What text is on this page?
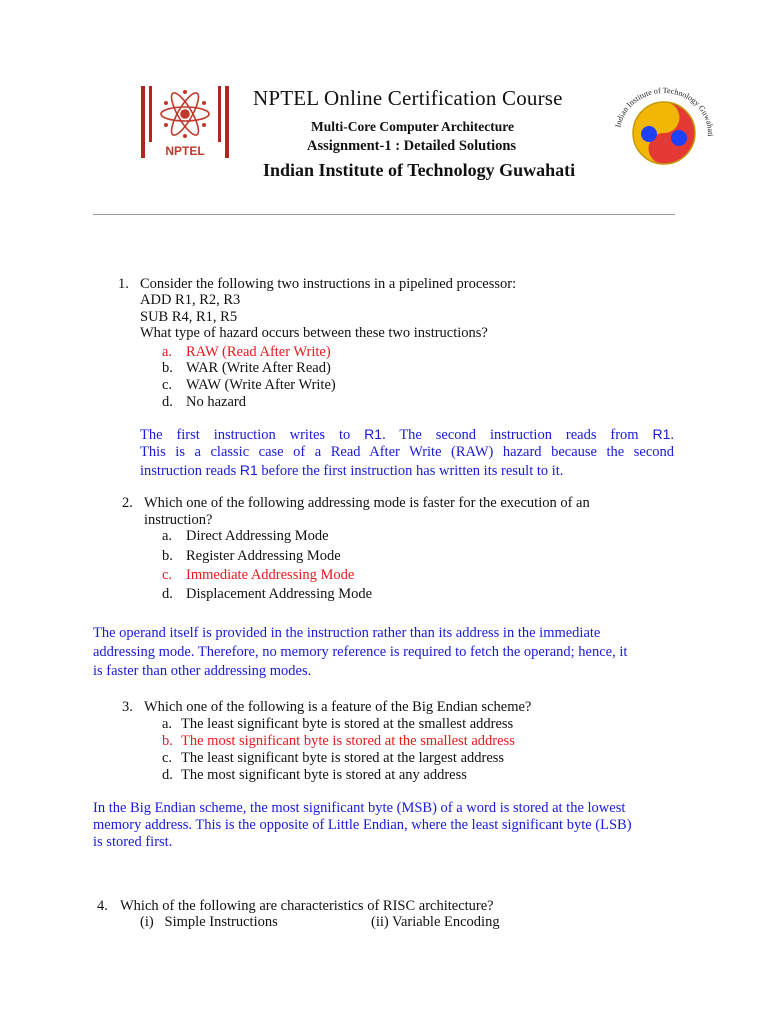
NPTEL
NPTEL Online Certification Course
Multi-Core Computer Architecture
Assignment-1 : Detailed Solutions
Indian Institute of Technology Guwahati
Indian Institute of Technology Guwahati
1. Consider the following two instructions in a pipelined processor:
ADD R1, R2, R3
SUB R4, R1, R5
What type of hazard occurs between these two instructions?
a. RAW (Read After Write)
b. WAR (Write After Read)
c. WAW (Write After Write)
d. No hazard
The first instruction writes to R1. The second instruction reads from R1.
This is a classic case of a Read After Write (RAW) hazard because the second
instruction reads R1 before the first instruction has written its result to it.
2. Which one of the following addressing mode is faster for the execution of an
instruction?
a. Direct Addressing Mode
b. Register Addressing Mode
c. Immediate Addressing Mode
d. Displacement Addressing Mode
The operand itself is provided in the instruction rather than its address in the immediate
addressing mode. Therefore, no memory reference is required to fetch the operand; hence, it
is faster than other addressing modes.
3. Which one of the following is a feature of the Big Endian scheme?
a. The least significant byte is stored at the smallest address
b. The most significant byte is stored at the smallest address
c. The least significant byte is stored at the largest address
d. The most significant byte is stored at any address
In the Big Endian scheme, the most significant byte (MSB) of a word is stored at the lowest
memory address. This is the opposite of Little Endian, where the least significant byte (LSB)
is stored first.
4. Which of the following are characteristics of RISC architecture?
(i)   Simple Instructions	(ii) Variable Encoding
